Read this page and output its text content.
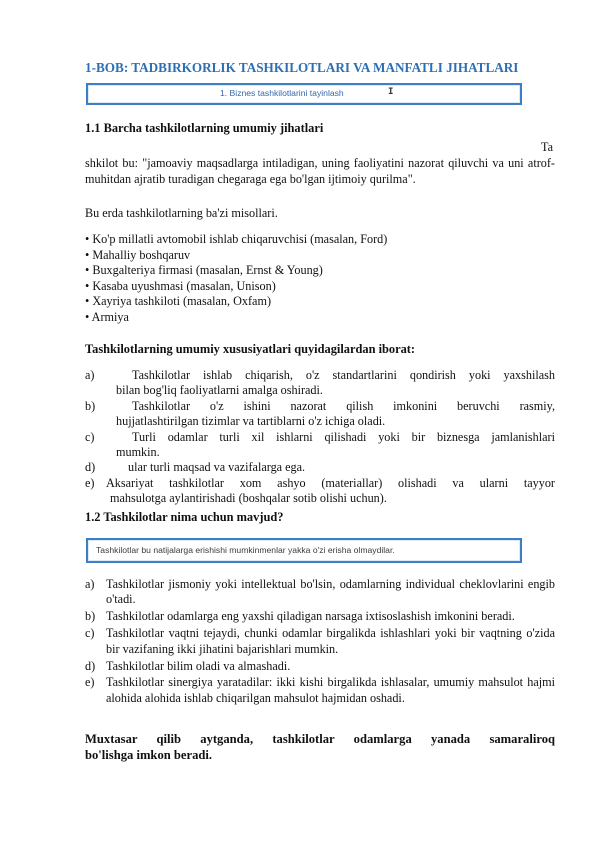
1-BOB: TADBIRKORLIK TASHKILOTLARI VA MANFATLI JIHATLARI
1. Biznes tashkilotlarini tayinlash	I
1.1 Barcha tashkilotlarning umumiy jihatlari
Ta
shkilot bu: "jamoaviy maqsadlarga intiladigan, uning faoliyatini nazorat qiluvchi va uni atrof-muhitdan ajratib turadigan chegaraga ega bo'lgan ijtimoiy qurilma".
Bu erda tashkilotlarning ba'zi misollari.
• Ko'p millatli avtomobil ishlab chiqaruvchisi (masalan, Ford)
• Mahalliy boshqaruv
• Buxgalteriya firmasi (masalan, Ernst & Young)
• Kasaba uyushmasi (masalan, Unison)
• Xayriya tashkiloti (masalan, Oxfam)
• Armiya
Tashkilotlarning umumiy xususiyatlari quyidagilardan iborat:
a)	Tashkilotlar ishlab chiqarish, o'z standartlarini qondirish yoki yaxshilash
bilan bog'liq faoliyatlarni amalga oshiradi.
b)	Tashkilotlar o'z ishini nazorat qilish imkonini beruvchi rasmiy,
hujjatlashtirilgan tizimlar va tartiblarni o'z ichiga oladi.
c)	Turli odamlar turli xil ishlarni qilishadi yoki bir biznesga jamlanishlari
mumkin.
d)	ular turli maqsad va vazifalarga ega.
e) Aksariyat tashkilotlar xom ashyo (materiallar) olishadi va ularni tayyor
mahsulotga aylantirishadi (boshqalar sotib olishi uchun).
1.2 Tashkilotlar nima uchun mavjud?
Tashkilotlar bu natijalarga erishishi mumkinmenlar yakka o'zi erisha olmaydilar.
a) Tashkilotlar jismoniy yoki intellektual bo'lsin, odamlarning individual cheklovlarini engib o'tadi.
b) Tashkilotlar odamlarga eng yaxshi qiladigan narsaga ixtisoslashish imkonini beradi.
c) Tashkilotlar vaqtni tejaydi, chunki odamlar birgalikda ishlashlari yoki bir vaqtning o'zida bir vazifaning ikki jihatini bajarishlari mumkin.
d) Tashkilotlar bilim oladi va almashadi.
e) Tashkilotlar sinergiya yaratadilar: ikki kishi birgalikda ishlasalar, umumiy mahsulot hajmi alohida alohida ishlab chiqarilgan mahsulot hajmidan oshadi.
Muxtasar qilib aytganda, tashkilotlar odamlarga yanada samaraliroq
bo'lishga imkon beradi.
